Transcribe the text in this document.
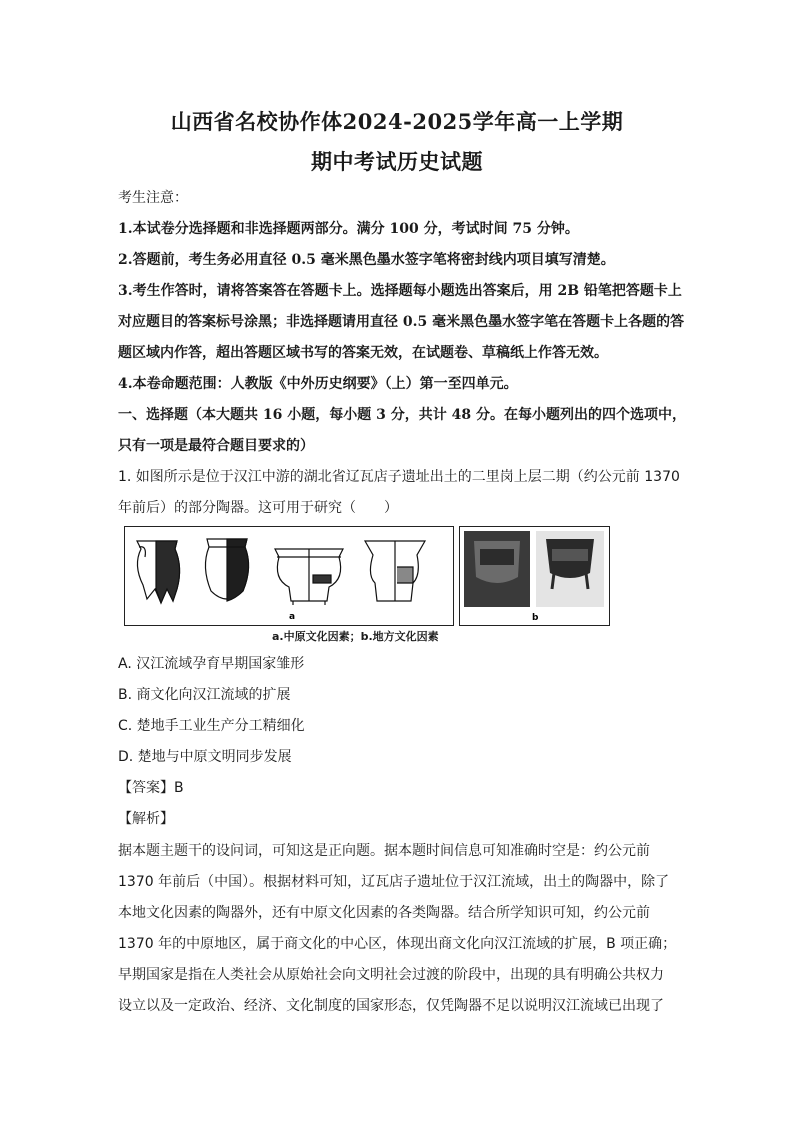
山西省名校协作体2024-2025学年高一上学期
期中考试历史试题
考生注意：
1.本试卷分选择题和非选择题两部分。满分 100 分，考试时间 75 分钟。
2.答题前，考生务必用直径 0.5 毫米黑色墨水签字笔将密封线内项目填写清楚。
3.考生作答时，请将答案答在答题卡上。选择题每小题选出答案后，用 2B 铅笔把答题卡上
对应题目的答案标号涂黑；非选择题请用直径 0.5 毫米黑色墨水签字笔在答题卡上各题的答
题区域内作答，超出答题区域书写的答案无效，在试题卷、草稿纸上作答无效。
4.本卷命题范围：人教版《中外历史纲要》（上）第一至四单元。
一、选择题（本大题共 16 小题，每小题 3 分，共计 48 分。在每小题列出的四个选项中，
只有一项是最符合题目要求的）
1. 如图所示是位于汉江中游的湖北省辽瓦店子遗址出土的二里岗上层二期（约公元前 1370
年前后）的部分陶器。这可用于研究（　　）
a	b
a.中原文化因素；b.地方文化因素
A. 汉江流域孕育早期国家雏形
B. 商文化向汉江流域的扩展
C. 楚地手工业生产分工精细化
D. 楚地与中原文明同步发展
【答案】B
【解析】
据本题主题干的设问词，可知这是正向题。据本题时间信息可知准确时空是：约公元前
1370 年前后（中国）。根据材料可知，辽瓦店子遗址位于汉江流域，出土的陶器中，除了
本地文化因素的陶器外，还有中原文化因素的各类陶器。结合所学知识可知，约公元前
1370 年的中原地区，属于商文化的中心区，体现出商文化向汉江流域的扩展，B 项正确；
早期国家是指在人类社会从原始社会向文明社会过渡的阶段中，出现的具有明确公共权力
设立以及一定政治、经济、文化制度的国家形态，仅凭陶器不足以说明汉江流域已出现了
